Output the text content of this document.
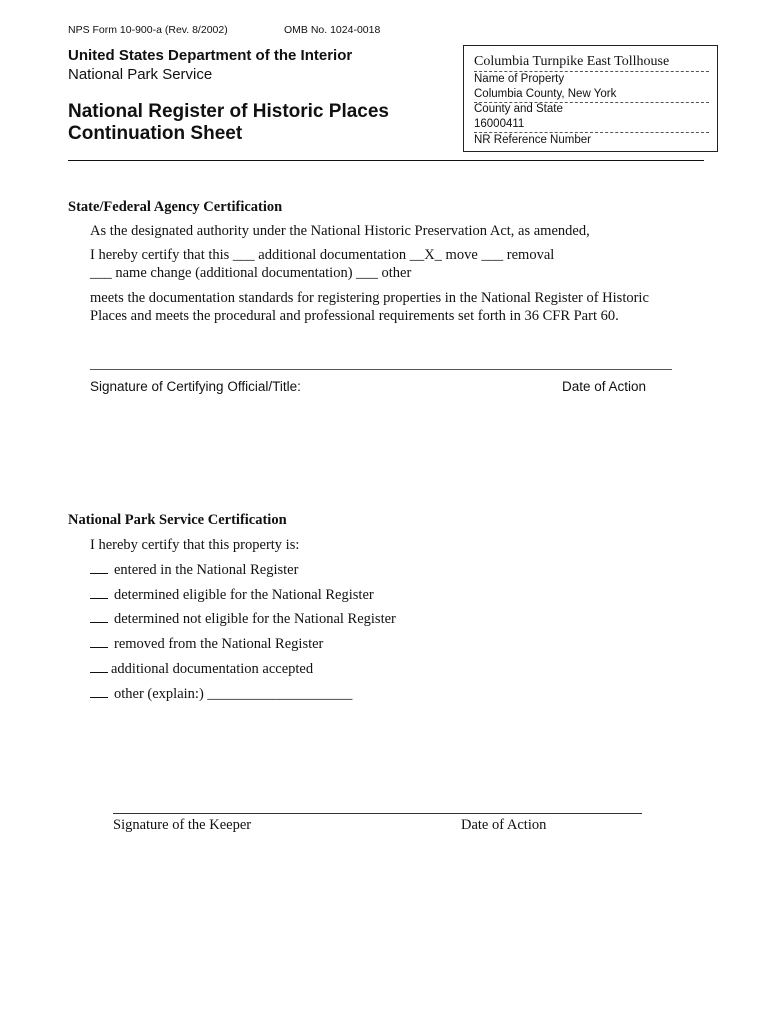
NPS Form 10-900-a (Rev. 8/2002)	OMB No. 1024-0018
United States Department of the Interior
National Park Service
National Register of Historic Places
Continuation Sheet
Columbia Turnpike East Tollhouse
Name of Property
Columbia County, New York
County and State
16000411
NR Reference Number
State/Federal Agency Certification
As the designated authority under the National Historic Preservation Act, as amended,
I hereby certify that this ___ additional documentation __X_ move ___ removal
___ name change (additional documentation) ___ other
meets the documentation standards for registering properties in the National Register of Historic
Places and meets the procedural and professional requirements set forth in 36 CFR Part 60.
Signature of Certifying Official/Title:	Date of Action
National Park Service Certification
I hereby certify that this property is:
entered in the National Register
determined eligible for the National Register
determined not eligible for the National Register
removed from the National Register
additional documentation accepted
other (explain:) ____________________
Signature of the Keeper	Date of Action
